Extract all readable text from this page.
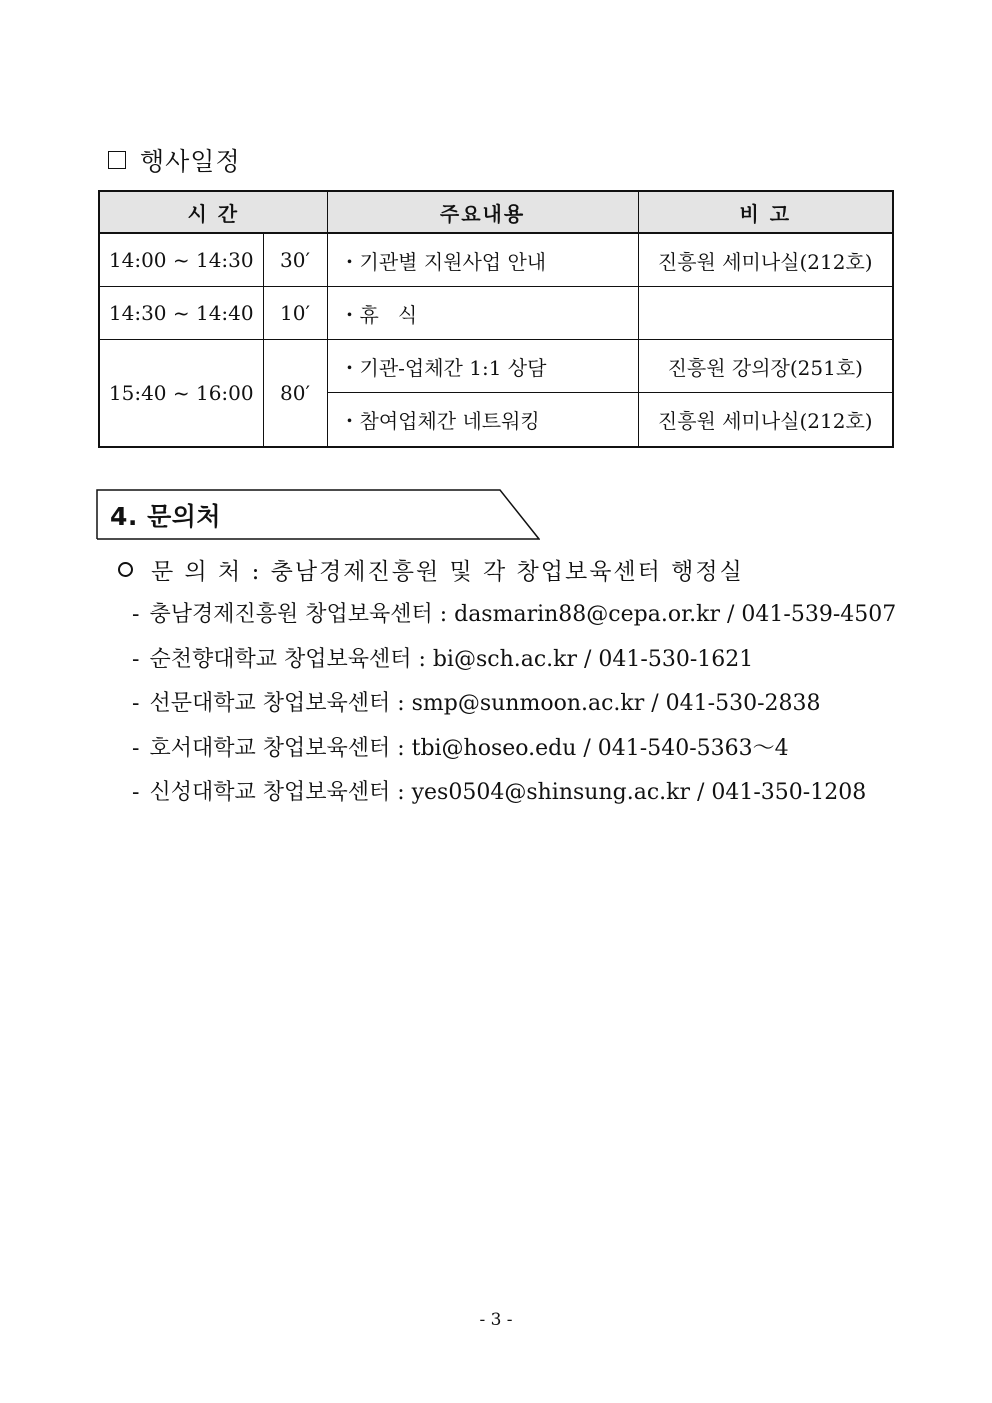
행사일정
시 간		주요내용	비 고
14:00 ~ 14:30	30′	・기관별 지원사업 안내	진흥원 세미나실(212호)
14:30 ~ 14:40	10′	・휴   식	
15:40 ~ 16:00	80′	・기관-업체간 1:1 상담	진흥원 강의장(251호)
		・참여업체간 네트워킹	진흥원 세미나실(212호)
4. 문의처
문 의 처 : 충남경제진흥원 및 각 창업보육센터 행정실
- 충남경제진흥원 창업보육센터 : dasmarin88@cepa.or.kr / 041-539-4507
- 순천향대학교 창업보육센터 : bi@sch.ac.kr / 041-530-1621
- 선문대학교 창업보육센터 : smp@sunmoon.ac.kr / 041-530-2838
- 호서대학교 창업보육센터 : tbi@hoseo.edu / 041-540-5363～4
- 신성대학교 창업보육센터 : yes0504@shinsung.ac.kr / 041-350-1208
- 3 -
